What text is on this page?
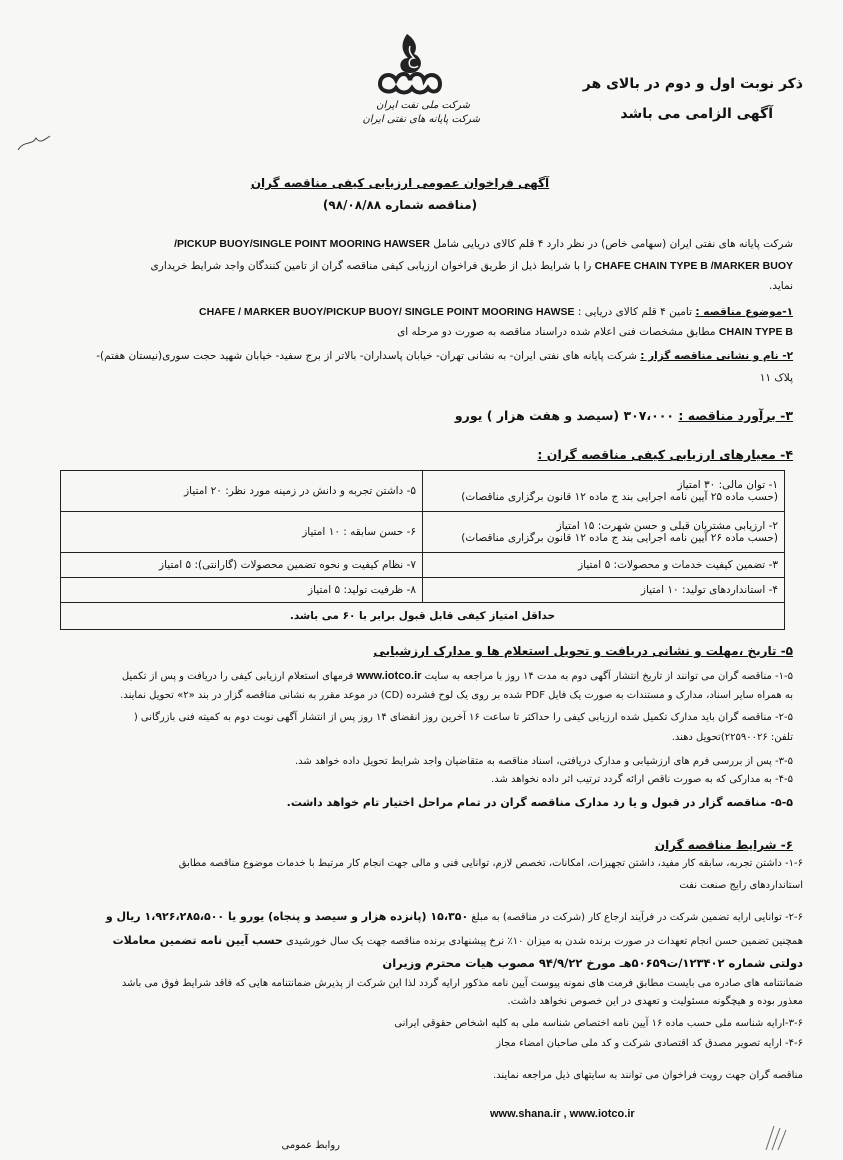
شرکت ملی نفت ایران
شرکت پایانه های نفتی ایران
ذکر نوبت اول و دوم در بالای هر
آگهی الزامی می باشد
آگهی فراخوان عمومی ارزیابی کیفی مناقصه گران
(مناقصه شماره ۹۸/۰۸/۸۸)
شرکت پایانه های نفتی ایران (سهامی خاص) در نظر دارد ۴ قلم کالای دریایی شامل PICKUP BUOY/SINGLE POINT MOORING HAWSER/
CHAFE CHAIN TYPE B /MARKER BUOY را با شرایط ذیل از طریق فراخوان ارزیابی کیفی مناقصه گران از تامین کنندگان واجد شرایط خریداری
نماید.
۱-موضوع مناقصه : تامین ۴ قلم کالای دریایی : CHAFE / MARKER BUOY/PICKUP BUOY/ SINGLE POINT MOORING HAWSE
CHAIN TYPE B مطابق مشخصات فنی اعلام شده دراسناد مناقصه به صورت دو مرحله ای
۲- نام و نشانی مناقصه گزار : شرکت پایانه های نفتی ایران- به نشانی تهران- خیابان پاسداران- بالاتر از برج سفید- خیابان شهید حجت سوری(نیستان هفتم)-
پلاک ۱۱
۳- برآورد مناقصه : ۳۰۷،۰۰۰ (سیصد و هفت هزار ) یورو
۴- معیارهای ارزیابی کیفی مناقصه گران :
۱- توان مالی: ۳۰ امتیاز
(حسب ماده ۲۵ آیین نامه اجرایی بند ج ماده ۱۲ قانون برگزاری مناقصات)	۵- داشتن تجربه و دانش در زمینه مورد نظر: ۲۰ امتیاز

۲- ارزیابی مشتریان قبلی و حسن شهرت: ۱۵ امتیاز
(حسب ماده ۲۶ آیین نامه اجرایی بند ج ماده ۱۲ قانون برگزاری مناقصات)	۶- حسن سابقه : ۱۰ امتیاز
۳- تضمین کیفیت خدمات و محصولات: ۵ امتیاز	۷- نظام کیفیت و نحوه تضمین محصولات (گارانتی): ۵ امتیاز
۴- استانداردهای تولید: ۱۰ امتیاز	۸- ظرفیت تولید: ۵ امتیاز
حداقل امتیاز کیفی قابل قبول برابر با ۶۰ می باشد.	
۵- تاریخ ،مهلت و نشانی دریافت و تحویل استعلام ها و مدارک ارزشیابی
۱-۵- مناقصه گران می توانند از تاریخ انتشار آگهی دوم به مدت ۱۴ روز با مراجعه به سایت www.iotco.ir فرمهای استعلام ارزیابی کیفی را دریافت و پس از تکمیل
به همراه سایر اسناد، مدارک و مستندات به صورت یک فایل PDF شده بر روی یک لوح فشرده (CD) در موعد مقرر به نشانی مناقصه گزار در بند «۲» تحویل نمایند.
۲-۵- مناقصه گران باید مدارک تکمیل شده ارزیابی کیفی را حداکثر تا ساعت ۱۶ آخرین روز انقضای ۱۴ روز پس از انتشار آگهی نوبت دوم به کمیته فنی بازرگانی (
تلفن: ۲۲۵۹۰۰۲۶)تحویل دهند.
۳-۵- پس از بررسی فرم های ارزشیابی و مدارک دریافتی، اسناد مناقصه به متقاضیان واجد شرایط تحویل داده خواهد شد.
۴-۵- به مدارکی که به صورت ناقص ارائه گردد ترتیب اثر داده نخواهد شد.
۵-۵- مناقصه گزار در قبول و یا رد مدارک مناقصه گران در تمام مراحل اختیار تام خواهد داشت.
۶- شرایط مناقصه گران
۱-۶- داشتن تجربه، سابقه کار مفید، داشتن تجهیزات، امکانات، تخصص لازم، توانایی فنی و مالی جهت انجام کار مرتبط با خدمات موضوع مناقصه مطابق
استانداردهای رایج صنعت نفت
۲-۶- توانایی ارایه تضمین شرکت در فرآیند ارجاع کار (شرکت در مناقصه) به مبلغ ۱۵،۳۵۰ (پانزده هزار و سیصد و پنجاه) یورو یا ۱،۹۲۶،۲۸۵،۵۰۰ ریال و
همچنین تضمین حسن انجام تعهدات در صورت برنده شدن به میزان ۱۰٪ نرخ پیشنهادی برنده مناقصه جهت یک سال خورشیدی حسب آیین نامه تضمین معاملات
دولتی شماره ۱۲۳۴۰۲/ت۵۰۶۵۹هـ مورخ ۹۴/۹/۲۲ مصوب هیات محترم وزیران
ضمانتنامه های صادره می بایست مطابق فرمت های نمونه پیوست آیین نامه مذکور ارایه گردد لذا این شرکت از پذیرش ضمانتنامه هایی که فاقد شرایط فوق می باشد
معذور بوده و هیچگونه مسئولیت و تعهدی در این خصوص نخواهد داشت.
۳-۶-ارایه شناسه ملی حسب ماده ۱۶ آیین نامه اختصاص شناسه ملی به کلیه اشخاص حقوقی ایرانی
۴-۶- ارایه تصویر مصدق کد اقتصادی شرکت و کد ملی صاحبان امضاء مجاز
مناقصه گران جهت رویت فراخوان می توانند به سایتهای ذیل مراجعه نمایند.
www.shana.ir , www.iotco.ir
روابط عمومی
